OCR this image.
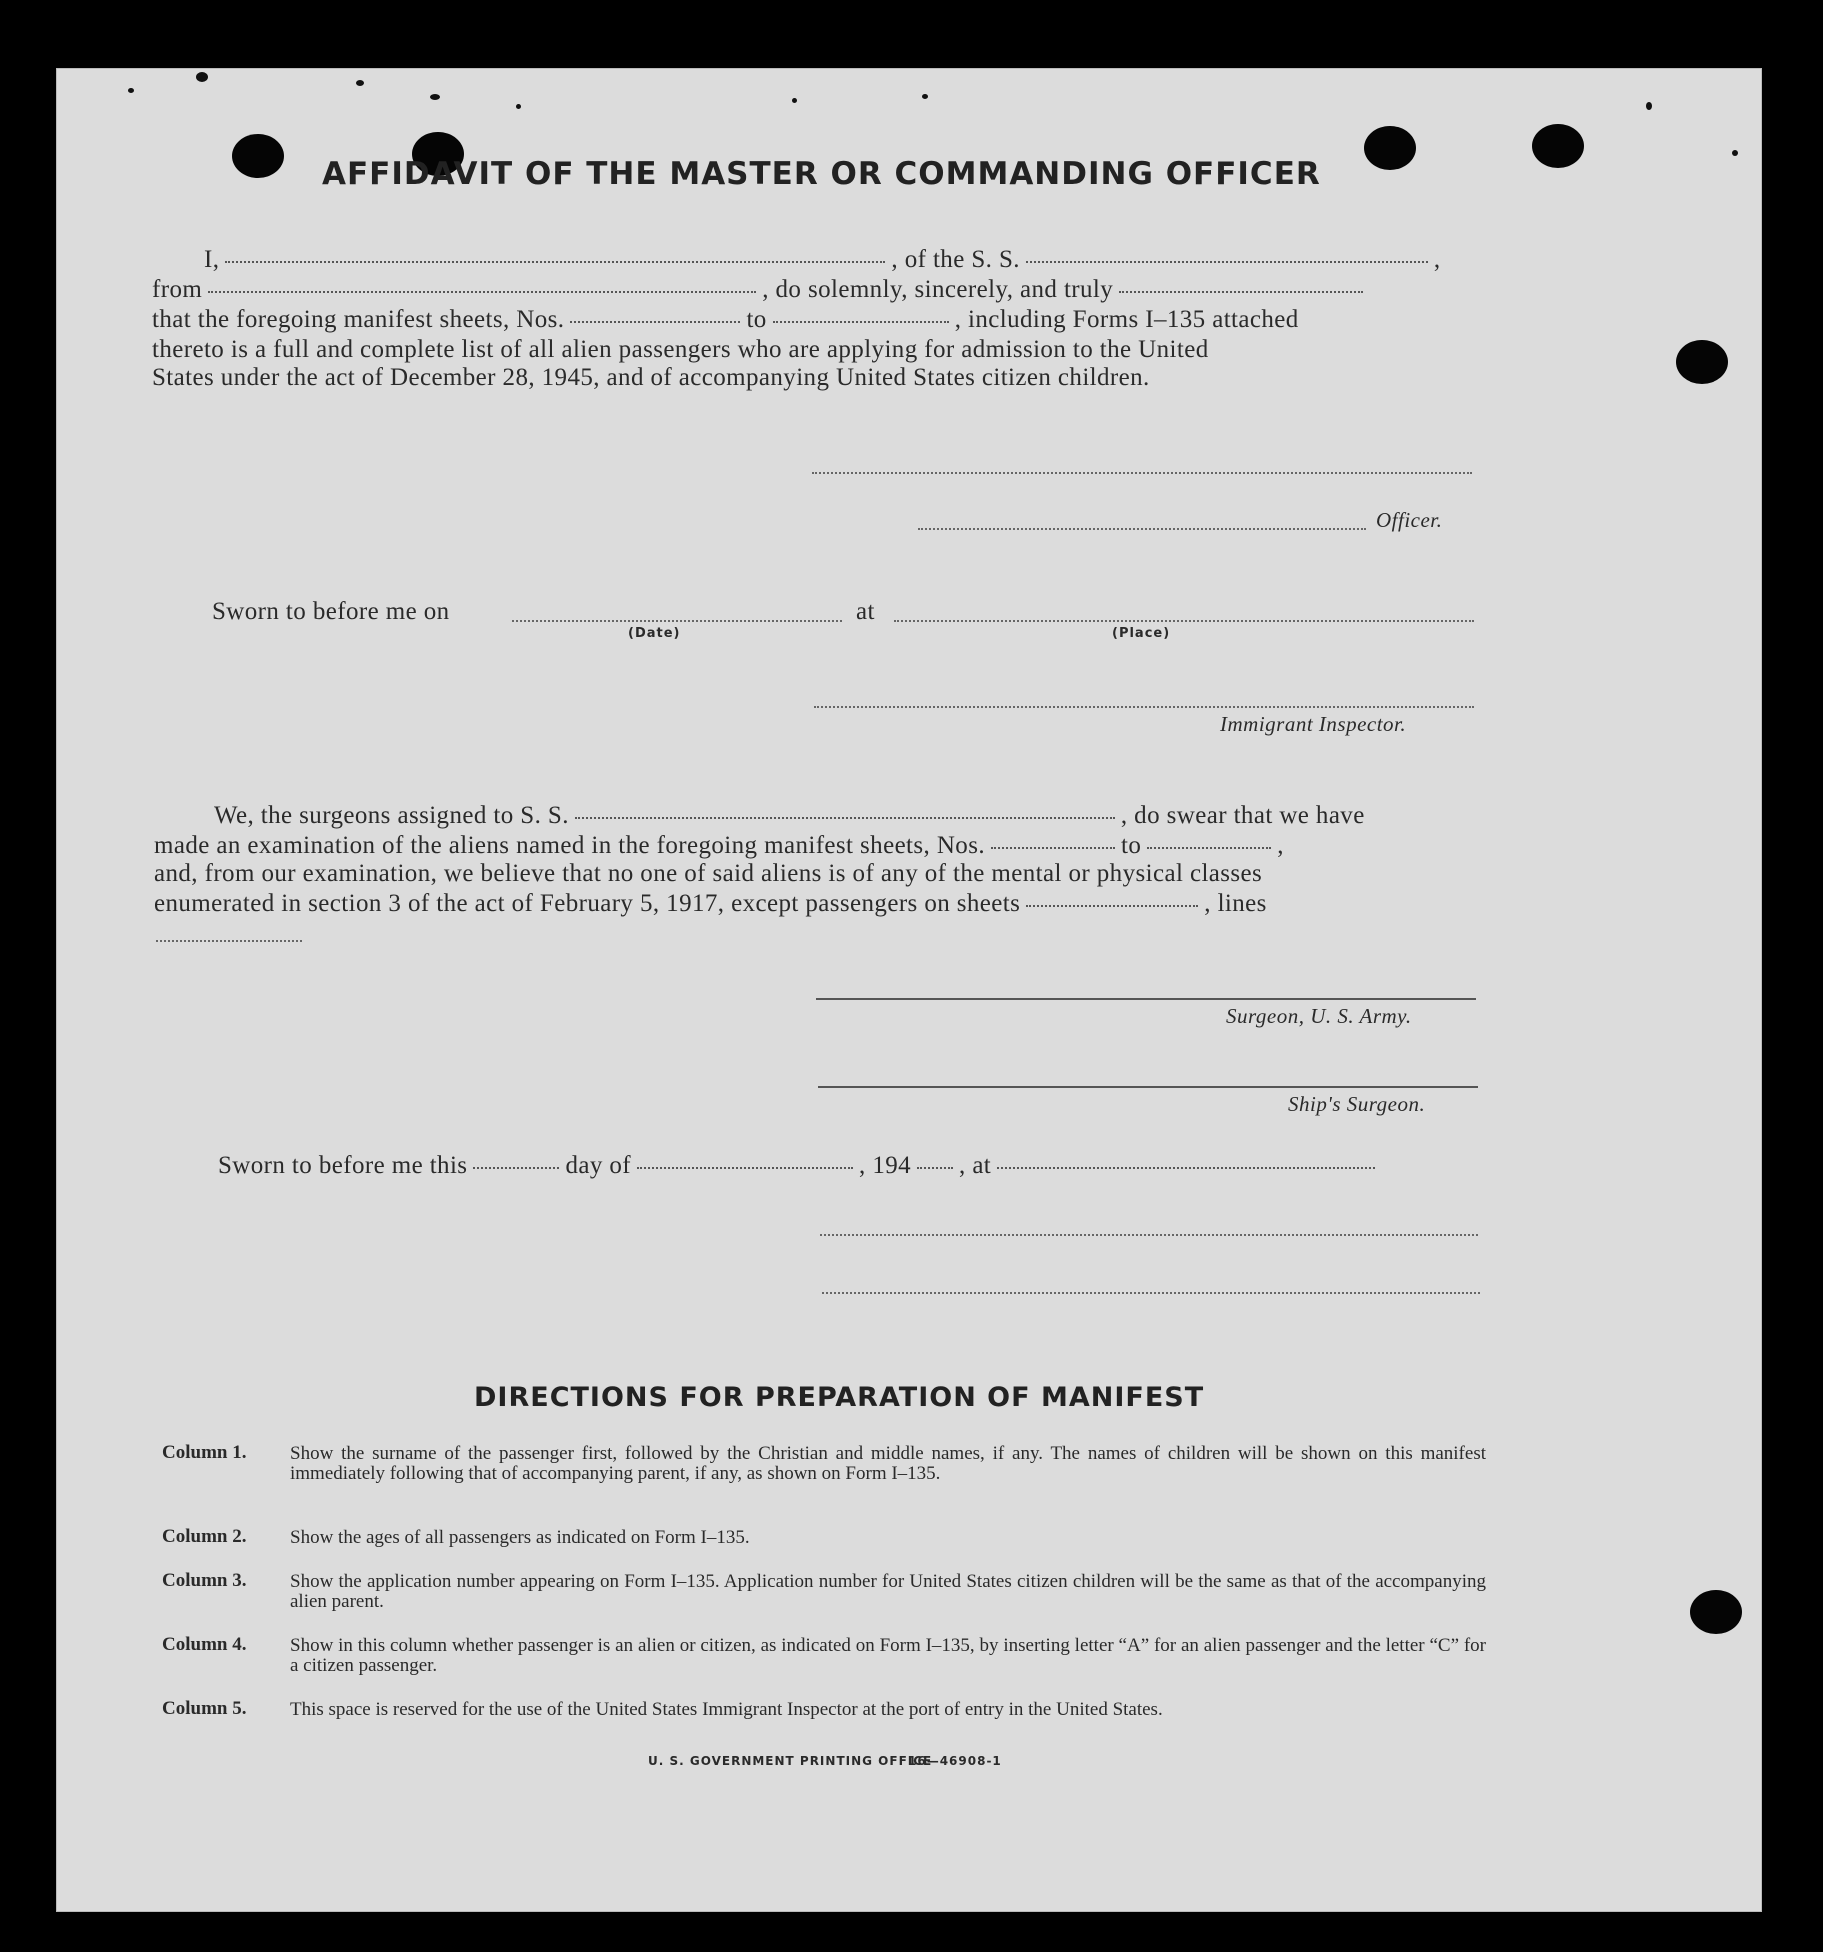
AFFIDAVIT OF THE MASTER OR COMMANDING OFFICER
I,	, of the S. S.	,
from	, do solemnly, sincerely, and truly
that the foregoing manifest sheets, Nos.	to	, including Forms I–135 attached
thereto is a full and complete list of all alien passengers who are applying for admission to the United
States under the act of December 28, 1945, and of accompanying United States citizen children.
Officer.
Sworn to before me on
(Date)
at
(Place)
Immigrant Inspector.
We, the surgeons assigned to S. S.	, do swear that we have
made an examination of the aliens named in the foregoing manifest sheets, Nos.	to	,
and, from our examination, we believe that no one of said aliens is of any of the mental or physical classes
enumerated in section 3 of the act of February 5, 1917, except passengers on sheets	, lines
Surgeon, U. S. Army.
Ship's Surgeon.
Sworn to before me this	day of	, 194 , at
DIRECTIONS FOR PREPARATION OF MANIFEST
Column 1. Show the surname of the passenger first, followed by the Christian and middle names, if any. The names of children will be shown on this manifest immediately following that of accompanying parent, if any, as shown on Form I–135.
Column 2. Show the ages of all passengers as indicated on Form I–135.
Column 3. Show the application number appearing on Form I–135. Application number for United States citizen children will be the same as that of the accompanying alien parent.
Column 4. Show in this column whether passenger is an alien or citizen, as indicated on Form I–135, by inserting letter “A” for an alien passenger and the letter “C” for a citizen passenger.
Column 5. This space is reserved for the use of the United States Immigrant Inspector at the port of entry in the United States.
U. S. GOVERNMENT PRINTING OFFICE
16—46908-1
